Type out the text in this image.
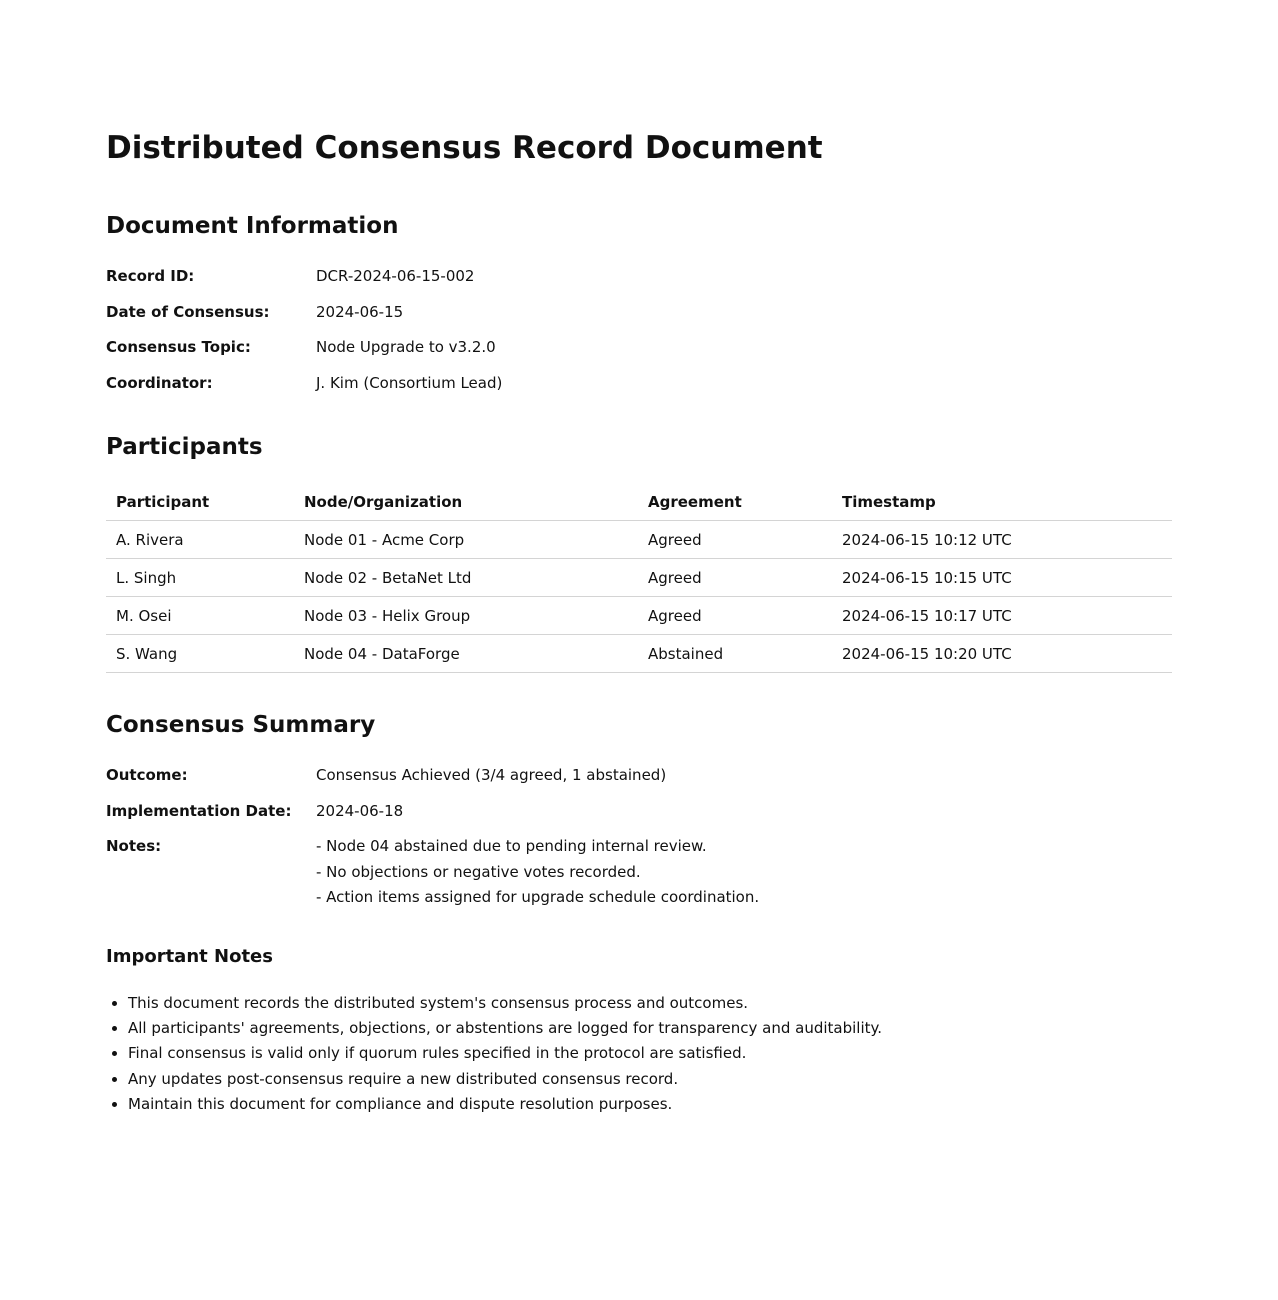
Distributed Consensus Record Document
Document Information
Record ID:	DCR-2024-06-15-002
Date of Consensus:	2024-06-15
Consensus Topic:	Node Upgrade to v3.2.0
Coordinator:	J. Kim (Consortium Lead)
Participants
Participant	Node/Organization	Agreement	Timestamp
A. Rivera	Node 01 - Acme Corp	Agreed	2024-06-15 10:12 UTC
L. Singh	Node 02 - BetaNet Ltd	Agreed	2024-06-15 10:15 UTC
M. Osei	Node 03 - Helix Group	Agreed	2024-06-15 10:17 UTC
S. Wang	Node 04 - DataForge	Abstained	2024-06-15 10:20 UTC
Consensus Summary
Outcome:	Consensus Achieved (3/4 agreed, 1 abstained)
Implementation Date: 2024-06-18
Notes:	- Node 04 abstained due to pending internal review.
- No objections or negative votes recorded.
- Action items assigned for upgrade schedule coordination.
Important Notes
• This document records the distributed system's consensus process and outcomes.
• All participants' agreements, objections, or abstentions are logged for transparency and auditability.
• Final consensus is valid only if quorum rules specified in the protocol are satisfied.
• Any updates post-consensus require a new distributed consensus record.
• Maintain this document for compliance and dispute resolution purposes.
